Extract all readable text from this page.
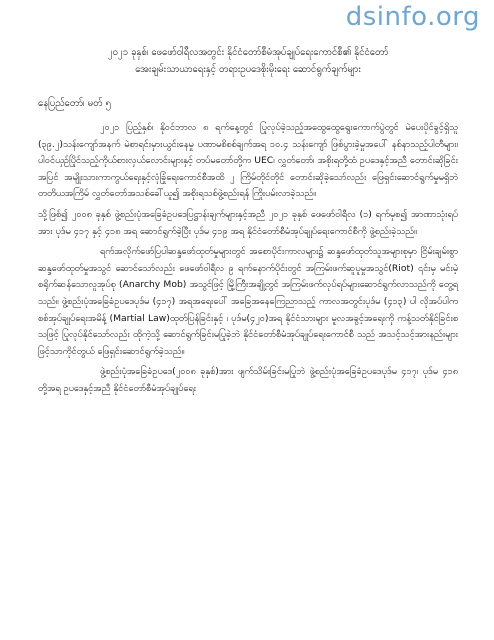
dsinfo.org
၂၀၂၁ ခုနှစ်၊ ဖေဖော်ဝါရီလအတွင်း နိုင်ငံတော်စီမံအုပ်ချုပ်ရေးကောင်စီ၏ နိုင်ငံတော်
အေးချမ်းသာယာရေးနှင့် တရားဥပဒေစိုးမိုးရေး ဆောင်ရွက်ချက်များ
နေပြည်တော်၊ မတ် ၅

၂၀၂၁ ပြည့်နှစ်၊ နိုဝင်ဘာလ ၈ ရက်နေ့တွင် ပြုလုပ်ခဲ့သည့်အထွေထွေရွေးကောက်ပွဲတွင် မဲပေးပိုင်ခွင့်ရှိသူ (၃၉.၂)သန်းကျော်အနက် မဲစာရင်းမှားယွင်းနေမှု ပဏာမစိစစ်ချက်အရ ၁၀.၄ သန်းကျော် ဖြစ်ပွားခဲ့မှုအပေါ် နစ်နာသည့်ပါတီများ၊ ပါဝင်ယှဉ်ပြိုင်သည့်ကိုယ်စားလှယ်လောင်းများနှင့် တပ်မတော်တို့က UEC၊ လွှတ်တော်၊ အစိုးရတို့ထံ ဥပဒေနှင့်အညီ တောင်းဆိုခြင်းအပြင် အမျိုးသားကာကွယ်ရေးနှင့်လုံခြုံရေးကောင်စီအထိ ၂ ကြိမ်တိုင်တိုင် တောင်းဆိုခဲ့သော်လည်း ဖြေရှင်းဆောင်ရွက်မှုမရှိဘဲ တတိယအကြိမ် လွှတ်တော်အသစ်ခေါ်ယူ၍ အစိုးရသစ်ဖွဲ့စည်းရန် ကြိုးပမ်းလာခဲ့သည်။

သို့ဖြစ်၍ ၂၀၀၈ ခုနှစ် ဖွဲ့စည်းပုံအခြေခံဥပဒေပြဋ္ဌာန်းချက်များနှင့်အညီ ၂၀၂၁ ခုနှစ် ဖေဖော်ဝါရီလ (၁) ရက်မှစ၍ အာဏာသုံးရပ်အား ပုဒ်မ ၄၁၇ နှင့် ၄၁၈ အရ ဆောင်ရွက်ခဲ့ပြီး ပုဒ်မ ၄၁၉ အရ နိုင်ငံတော်စီမံအုပ်ချုပ်ရေးကောင်စီကို ဖွဲ့စည်းခဲ့သည်။

ရက်အလိုက်ဖော်ပြပါဆန္ဒဖော်ထုတ်မှုများတွင် အစောပိုင်းကာလများ၌ ဆန္ဒဖော်ထုတ်သူအများစုမှာ ငြိမ်းချမ်းစွာဆန္ဒဖော်ထုတ်မှုအသွင် ဆောင်သော်လည်း ဖေဖော်ဝါရီလ ၉ ရက်နောက်ပိုင်းတွင် အကြမ်းဖက်ဆူပူမှုအသွင်(Riot) ၎င်းမှ မင်းမဲ့စရိုက်ဆန်သောလူအုပ်စု (Anarchy Mob) အသွင်ဖြင့် မြို့ကြီးအချို့တွင် အကြမ်းဖက်လုပ်ရပ်များဆောင်ရွက်လာသည်ကို တွေ့ရသည်။ ဖွဲ့စည်းပုံအခြေခံဥပဒေပုဒ်မ (၄၁၇) အရအရေးပေါ် အခြေအနေကြေညာသည့် ကာလအတွင်းပုဒ်မ (၄၁၃) ပါ လိုအပ်ပါက စစ်အုပ်ချုပ်ရေးအမိန့် (Martial Law)ထုတ်ပြန်ခြင်းနှင့် ၊ ပုဒ်မ(၄၂၀)အရ နိုင်ငံသားများ မူလအခွင့်အရေးကို ကန့်သတ်နိုင်ခြင်းစသဖြင့် ပြုလုပ်နိုင်သော်လည်း ထိုကဲ့သို့ ဆောင်ရွက်ခြင်းမပြုခဲ့ဘဲ နိုင်ငံတော်စီမံအုပ်ချုပ်ရေးကောင်စီ သည် အသင့်သင့်အားနည်းများဖြင့်သာကိုင်တွယ် ဖြေရှင်းဆောင်ရွက်ခဲ့သည်။

ဖွဲ့စည်းပုံအခြေခံဥပဒေ(၂၀၀၈ ခုနှစ်)အား ဖျက်သိမ်းခြင်းမပြုဘဲ ဖွဲ့စည်းပုံအခြေခံဥပဒေပုဒ်မ ၄၁၇၊ ပုဒ်မ ၄၁၈ တို့အရ ဥပဒေနှင့်အညီ နိုင်ငံတော်စီမံအုပ်ချုပ်ရေး
